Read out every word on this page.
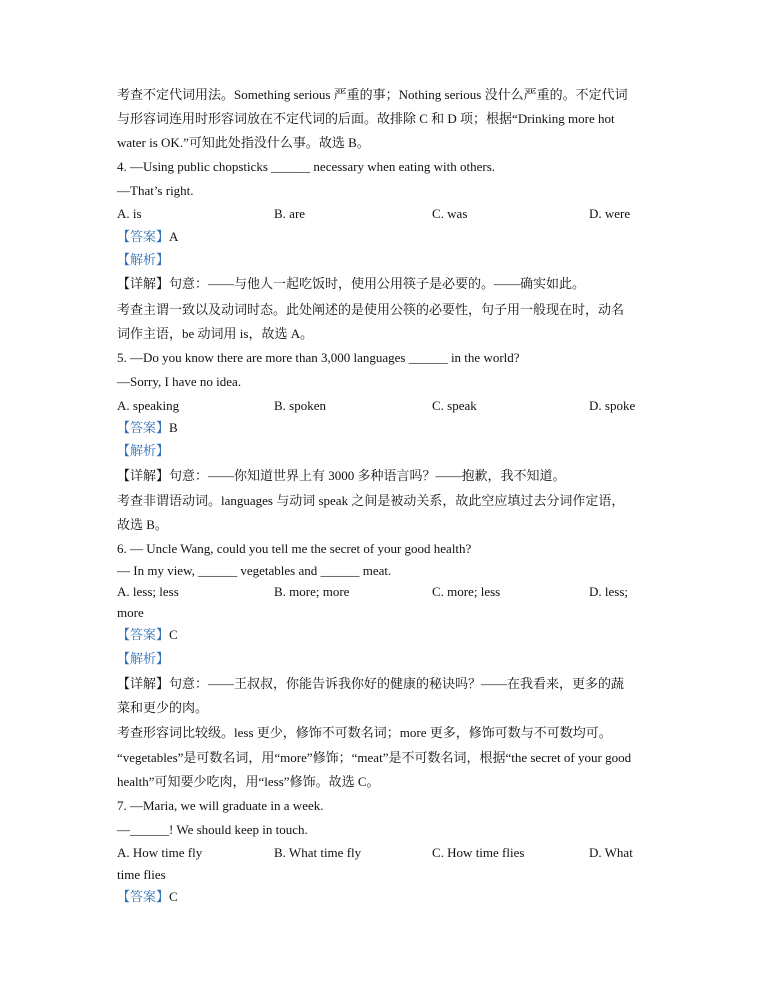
考查不定代词用法。Something serious 严重的事；Nothing serious 没什么严重的。不定代词
与形容词连用时形容词放在不定代词的后面。故排除 C 和 D 项；根据“Drinking more hot
water is OK.”可知此处指没什么事。故选 B。
4. —Using public chopsticks ______ necessary when eating with others.
—That’s right.
A. is	B. are	C. was	D. were
【答案】A
【解析】
【详解】句意：——与他人一起吃饭时，使用公用筷子是必要的。——确实如此。
考查主谓一致以及动词时态。此处阐述的是使用公筷的必要性，句子用一般现在时，动名
词作主语，be 动词用 is，故选 A。
5. —Do you know there are more than 3,000 languages ______ in the world?
—Sorry, I have no idea.
A. speaking	B. spoken	C. speak	D. spoke
【答案】B
【解析】
【详解】句意：——你知道世界上有 3000 多种语言吗？——抱歉，我不知道。
考查非谓语动词。languages 与动词 speak 之间是被动关系，故此空应填过去分词作定语，
故选 B。
6. — Uncle Wang, could you tell me the secret of your good health?
— In my view, ______ vegetables and ______ meat.
A. less; less	B. more; more	C. more; less	D. less;
more
【答案】C
【解析】
【详解】句意：——王叔叔，你能告诉我你好的健康的秘诀吗？——在我看来，更多的蔬
菜和更少的肉。
考查形容词比较级。less 更少，修饰不可数名词；more 更多，修饰可数与不可数均可。
“vegetables”是可数名词，用“more”修饰；“meat”是不可数名词，根据“the secret of your good
health”可知要少吃肉，用“less”修饰。故选 C。
7. —Maria, we will graduate in a week.
—______! We should keep in touch.
A. How time fly	B. What time fly	C. How time flies	D. What
time flies
【答案】C
